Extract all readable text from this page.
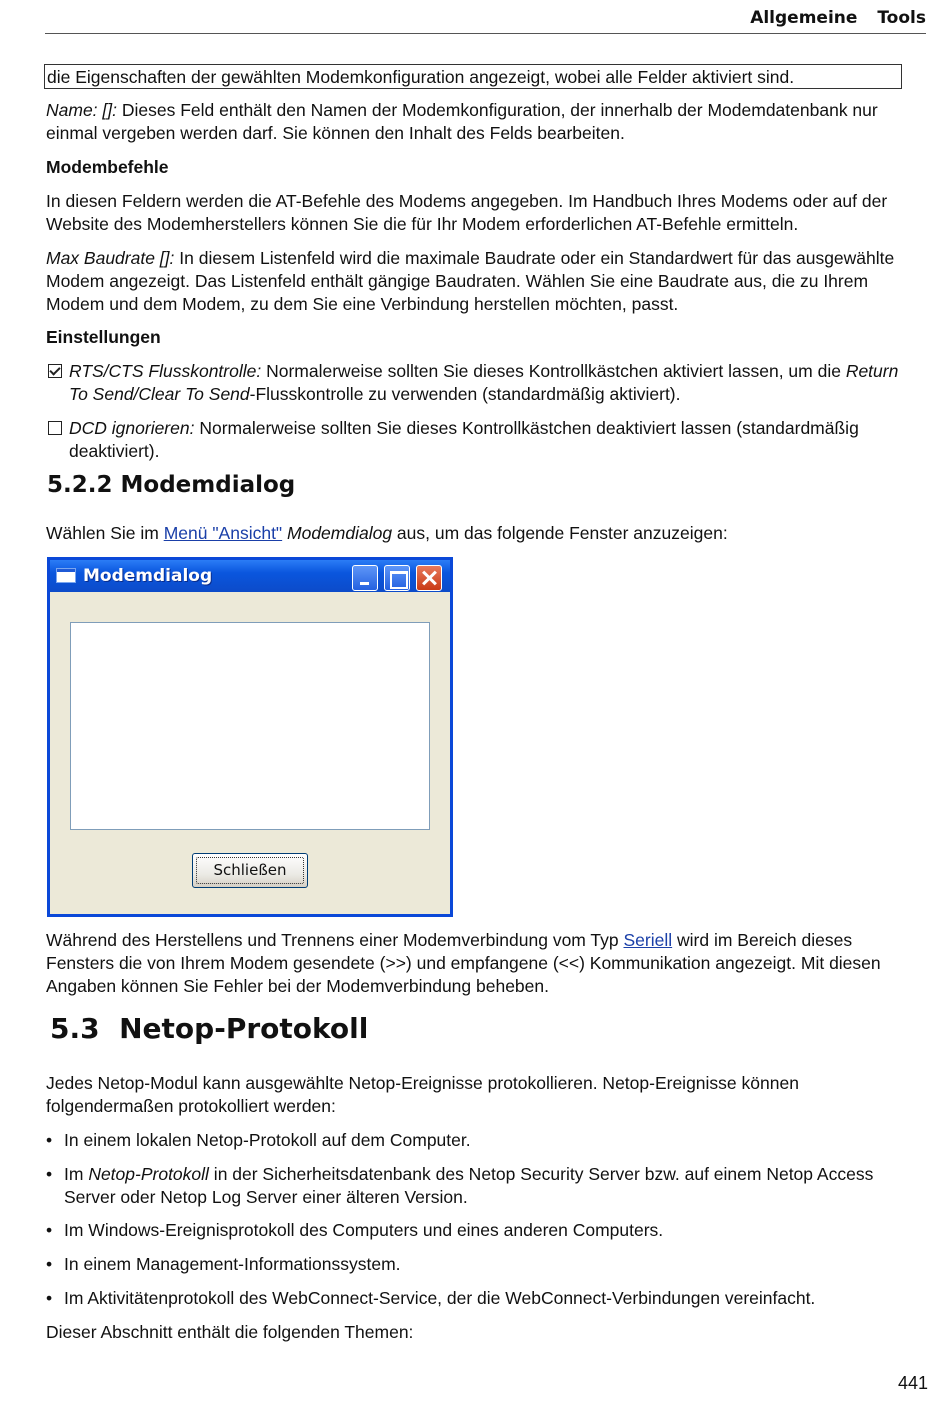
Allgemeine Tools
die Eigenschaften der gewählten Modemkonfiguration angezeigt, wobei alle Felder aktiviert sind.

Name: []: Dieses Feld enthält den Namen der Modemkonfiguration, der innerhalb der Modemdatenbank nur einmal vergeben werden darf. Sie können den Inhalt des Felds bearbeiten.

Modembefehle

In diesen Feldern werden die AT-Befehle des Modems angegeben. Im Handbuch Ihres Modems oder auf der Website des Modemherstellers können Sie die für Ihr Modem erforderlichen AT-Befehle ermitteln.

Max Baudrate []: In diesem Listenfeld wird die maximale Baudrate oder ein Standardwert für das ausgewählte Modem angezeigt. Das Listenfeld enthält gängige Baudraten. Wählen Sie eine Baudrate aus, die zu Ihrem Modem und dem Modem, zu dem Sie eine Verbindung herstellen möchten, passt.

Einstellungen

RTS/CTS Flusskontrolle: Normalerweise sollten Sie dieses Kontrollkästchen aktiviert lassen, um die Return To Send/Clear To Send-Flusskontrolle zu verwenden (standardmäßig aktiviert).
DCD ignorieren: Normalerweise sollten Sie dieses Kontrollkästchen deaktiviert lassen (standardmäßig deaktiviert).
5.2.2 Modemdialog

Wählen Sie im Menü "Ansicht" Modemdialog aus, um das folgende Fenster anzuzeigen:

Modemdialog
Schließen

Während des Herstellens und Trennens einer Modemverbindung vom Typ Seriell wird im Bereich dieses Fensters die von Ihrem Modem gesendete (>>) und empfangene (<<) Kommunikation angezeigt. Mit diesen Angaben können Sie Fehler bei der Modemverbindung beheben.

5.3 Netop-Protokoll

Jedes Netop-Modul kann ausgewählte Netop-Ereignisse protokollieren. Netop-Ereignisse können folgendermaßen protokolliert werden:

• In einem lokalen Netop-Protokoll auf dem Computer.
• Im Netop-Protokoll in der Sicherheitsdatenbank des Netop Security Server bzw. auf einem Netop Access Server oder Netop Log Server einer älteren Version.
• Im Windows-Ereignisprotokoll des Computers und eines anderen Computers.
• In einem Management-Informationssystem.
• Im Aktivitätenprotokoll des WebConnect-Service, der die WebConnect-Verbindungen vereinfacht.

Dieser Abschnitt enthält die folgenden Themen:

441
